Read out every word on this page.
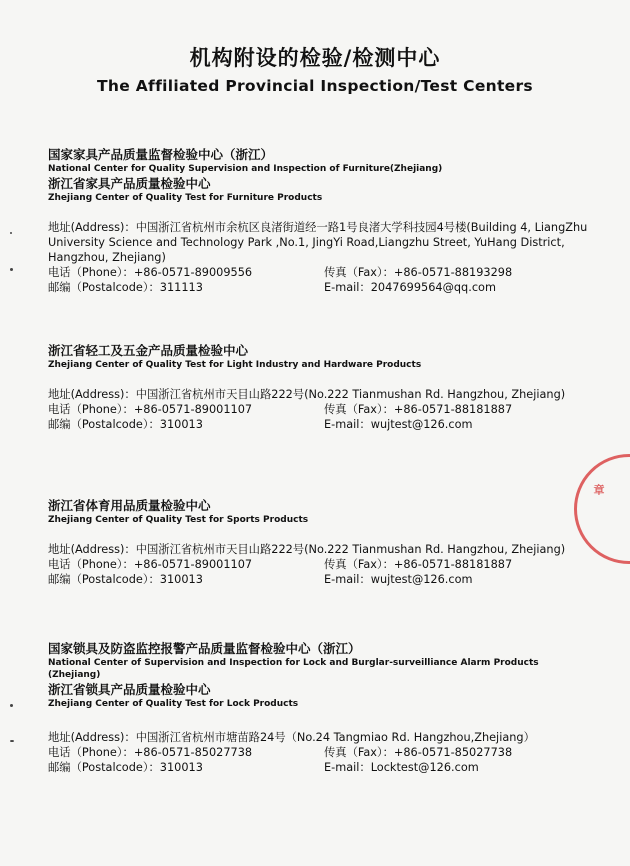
机构附设的检验/检测中心
The Affiliated Provincial Inspection/Test Centers
国家家具产品质量监督检验中心（浙江）
National Center for Quality Supervision and Inspection of Furniture(Zhejiang)
浙江省家具产品质量检验中心
Zhejiang Center of Quality Test for Furniture Products
地址(Address)：中国浙江省杭州市余杭区良渚街道经一路1号良渚大学科技园4号楼(Building 4, LiangZhu University Science and Technology Park ,No.1, JingYi Road,Liangzhu Street, YuHang District, Hangzhou, Zhejiang)
电话（Phone）：+86-0571-89009556	传真（Fax）：+86-0571-88193298
邮编（Postalcode）：311113	E-mail：2047699564@qq.com
浙江省轻工及五金产品质量检验中心
Zhejiang Center of Quality Test for Light Industry and Hardware Products
地址(Address)：中国浙江省杭州市天目山路222号(No.222 Tianmushan Rd. Hangzhou, Zhejiang)
电话（Phone）：+86-0571-89001107	传真（Fax）：+86-0571-88181887
邮编（Postalcode）：310013	E-mail：wujtest@126.com
浙江省体育用品质量检验中心
Zhejiang Center of Quality Test for Sports Products
地址(Address)：中国浙江省杭州市天目山路222号(No.222 Tianmushan Rd. Hangzhou, Zhejiang)
电话（Phone）：+86-0571-89001107	传真（Fax）：+86-0571-88181887
邮编（Postalcode）：310013	E-mail：wujtest@126.com
国家锁具及防盗监控报警产品质量监督检验中心（浙江）
National Center of Supervision and Inspection for Lock and Burglar-surveilliance Alarm Products (Zhejiang)
浙江省锁具产品质量检验中心
Zhejiang Center of Quality Test for Lock Products
地址(Address)：中国浙江省杭州市塘苗路24号（No.24 Tangmiao Rd. Hangzhou,Zhejiang）
电话（Phone）：+86-0571-85027738	传真（Fax）：+86-0571-85027738
邮编（Postalcode）：310013	E-mail：Locktest@126.com
章
